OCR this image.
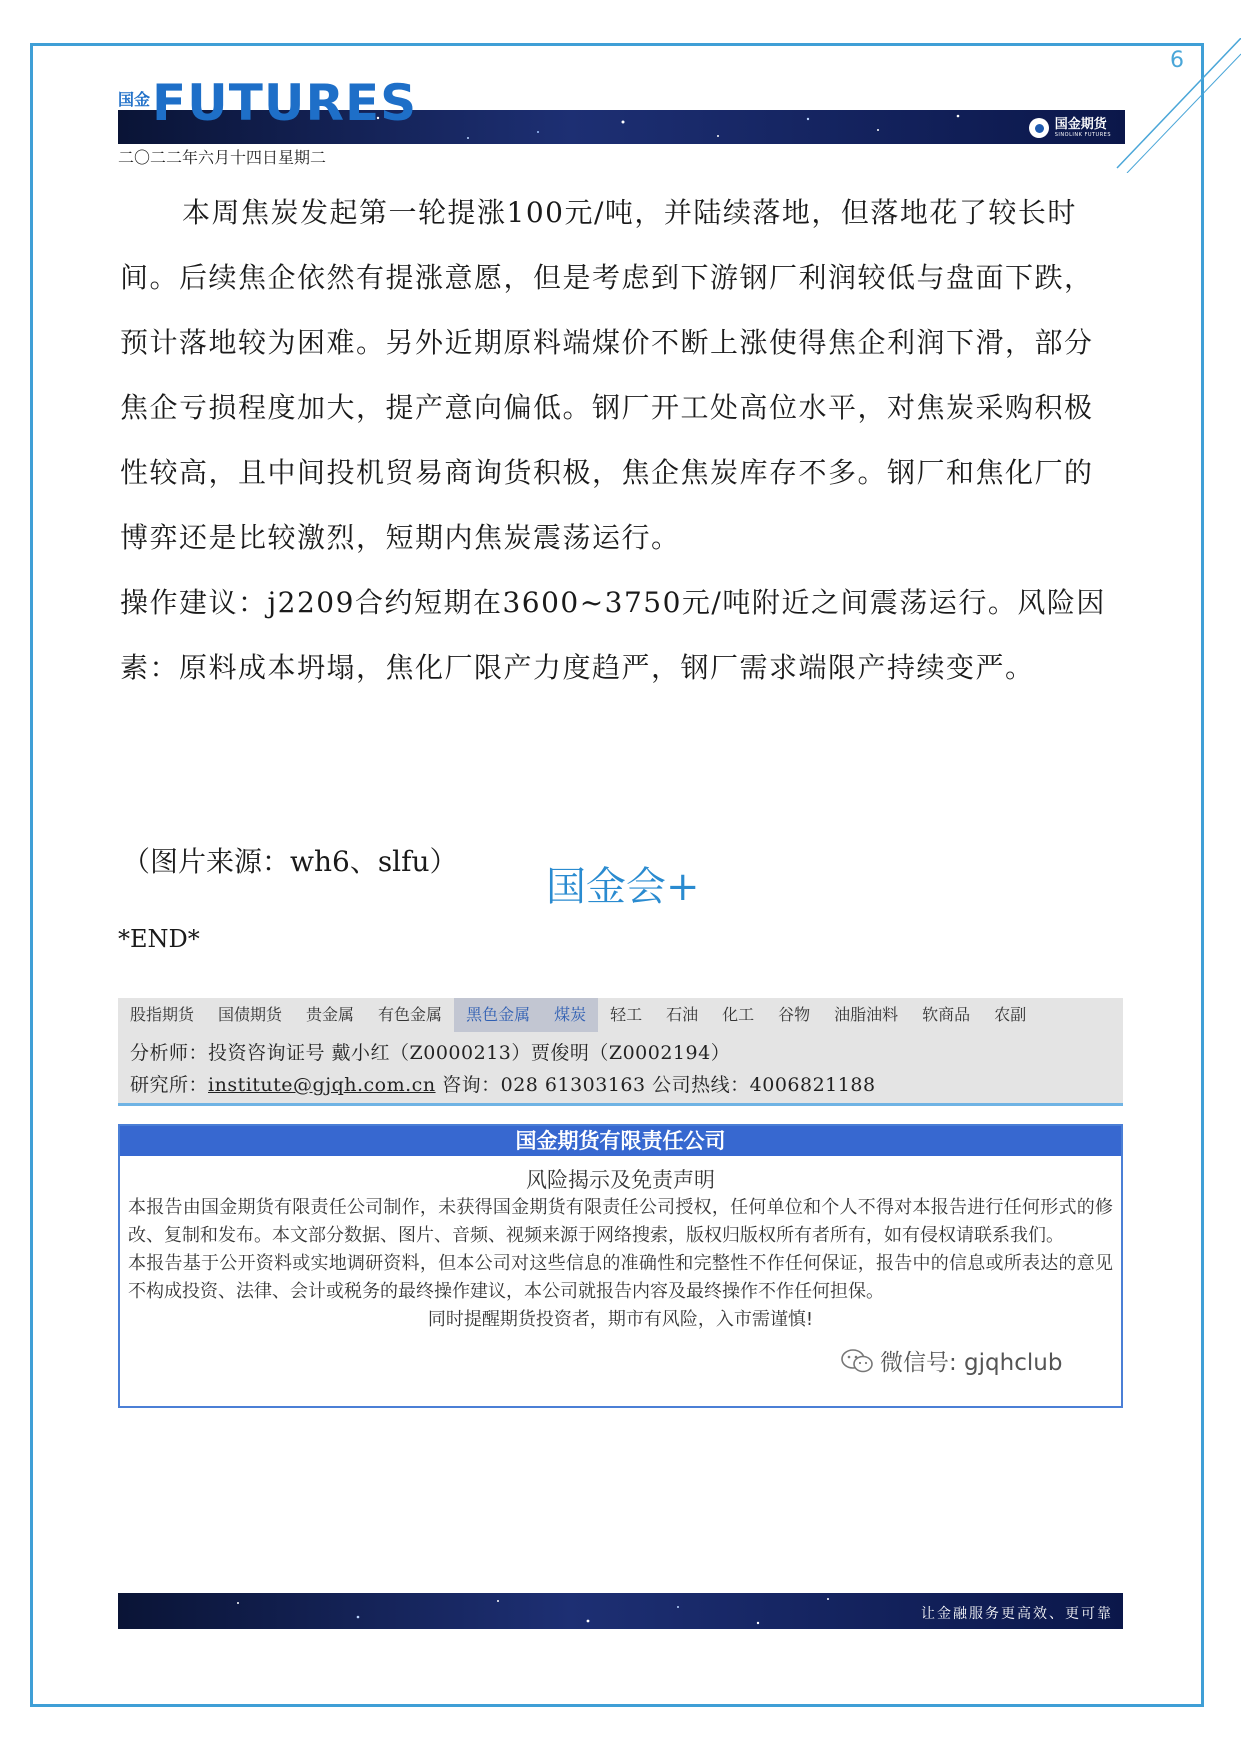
6
国金
国金期货
SINOLINK FUTURES
FUTURES
二〇二二年六月十四日星期二

本周焦炭发起第一轮提涨100元/吨，并陆续落地，但落地花了较长时间。后续焦企依然有提涨意愿，但是考虑到下游钢厂利润较低与盘面下跌，预计落地较为困难。另外近期原料端煤价不断上涨使得焦企利润下滑，部分焦企亏损程度加大，提产意向偏低。钢厂开工处高位水平，对焦炭采购积极性较高，且中间投机贸易商询货积极，焦企焦炭库存不多。钢厂和焦化厂的博弈还是比较激烈，短期内焦炭震荡运行。

操作建议：j2209合约短期在3600~3750元/吨附近之间震荡运行。风险因素：原料成本坍塌，焦化厂限产力度趋严，钢厂需求端限产持续变严。

（图片来源：wh6、slfu）
国金会+
*END*
股指期货	国债期货	贵金属	有色金属	黑色金属	煤炭	轻工	石油	化工	谷物	油脂油料	软商品	农副
分析师：投资咨询证号 戴小红（Z0000213）贾俊明（Z0002194）
研究所：institute@gjqh.com.cn 咨询：028 61303163 公司热线：4006821188
国金期货有限责任公司
风险揭示及免责声明

本报告由国金期货有限责任公司制作，未获得国金期货有限责任公司授权，任何单位和个人不得对本报告进行任何形式的修改、复制和发布。本文部分数据、图片、音频、视频来源于网络搜索，版权归版权所有者所有，如有侵权请联系我们。

本报告基于公开资料或实地调研资料，但本公司对这些信息的准确性和完整性不作任何保证，报告中的信息或所表达的意见不构成投资、法律、会计或税务的最终操作建议，本公司就报告内容及最终操作不作任何担保。

同时提醒期货投资者，期市有风险，入市需谨慎!

微信号: gjqhclub
让金融服务更高效、更可靠
